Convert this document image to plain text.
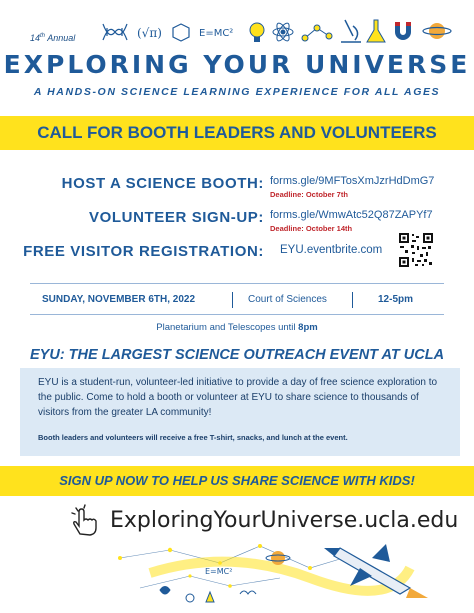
14th Annual	(√π)	E=MC²
EXPLORING YOUR UNIVERSE
A HANDS-ON SCIENCE LEARNING EXPERIENCE FOR ALL AGES
CALL FOR BOOTH LEADERS AND VOLUNTEERS
HOST A SCIENCE BOOTH: forms.gle/9MFTosXmJzrHdDmG7
Deadline: October 7th
VOLUNTEER SIGN-UP: forms.gle/WmwAtc52Q87ZAPYf7
Deadline: October 14th
FREE VISITOR REGISTRATION: EYU.eventbrite.com
SUNDAY, NOVEMBER 6TH, 2022	Court of Sciences	12-5pm
Planetarium and Telescopes until 8pm
EYU: THE LARGEST SCIENCE OUTREACH EVENT AT UCLA
EYU is a student-run, volunteer-led initiative to provide a day of free science exploration to the public. Come to hold a booth or volunteer at EYU to share science to thousands of visitors from the greater LA community!
Booth leaders and volunteers will receive a free T-shirt, snacks, and lunch at the event.
SIGN UP NOW TO HELP US SHARE SCIENCE WITH KIDS!
ExploringYourUniverse.ucla.edu
E=MC²
